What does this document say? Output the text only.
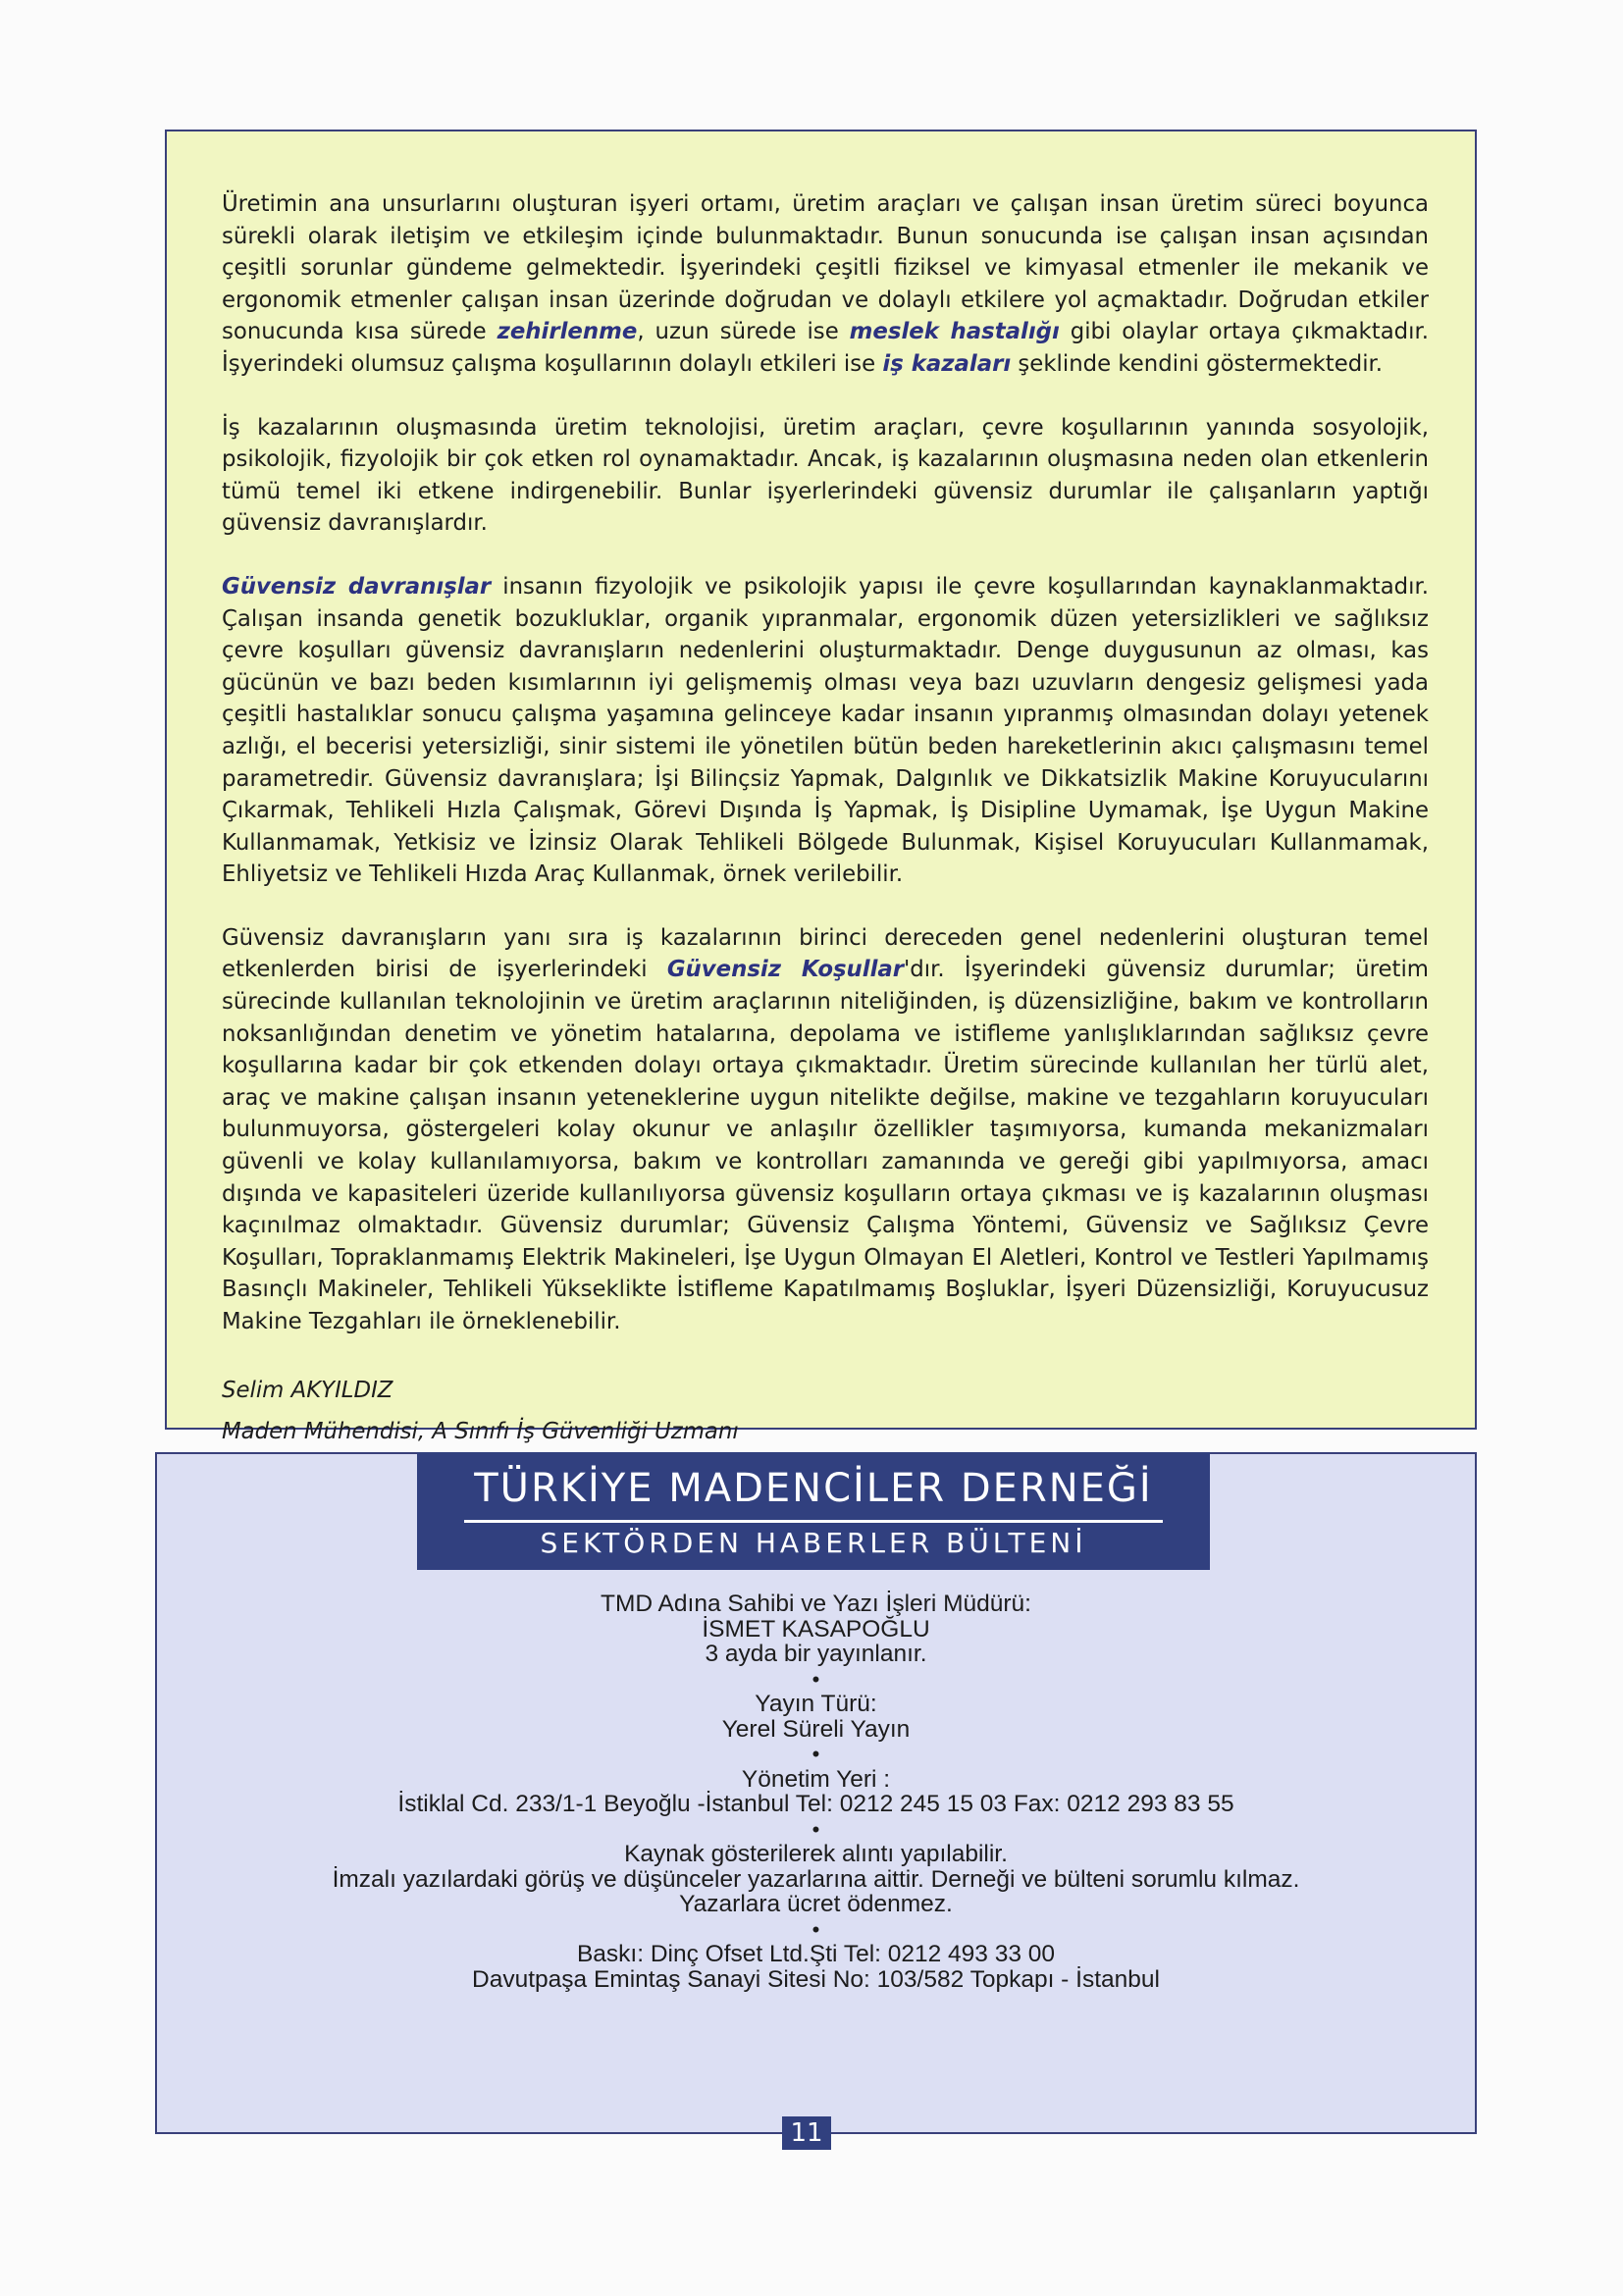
Üretimin ana unsurlarını oluşturan işyeri ortamı, üretim araçları ve çalışan insan üretim süreci boyunca sürekli olarak iletişim ve etkileşim içinde bulunmaktadır. Bunun sonucunda ise çalışan insan açısından çeşitli sorunlar gündeme gelmektedir. İşyerindeki çeşitli fiziksel ve kimyasal etmenler ile mekanik ve ergonomik etmenler çalışan insan üzerinde doğrudan ve dolaylı etkilere yol açmaktadır. Doğrudan etkiler sonucunda kısa sürede zehirlenme, uzun sürede ise meslek hastalığı gibi olaylar ortaya çıkmaktadır. İşyerindeki olumsuz çalışma koşullarının dolaylı etkileri ise iş kazaları şeklinde kendini göstermektedir.

İş kazalarının oluşmasında üretim teknolojisi, üretim araçları, çevre koşullarının yanında sosyolojik, psikolojik, fizyolojik bir çok etken rol oynamaktadır. Ancak, iş kazalarının oluşmasına neden olan etkenlerin tümü temel iki etkene indirgenebilir. Bunlar işyerlerindeki güvensiz durumlar ile çalışanların yaptığı güvensiz davranışlardır.

Güvensiz davranışlar insanın fizyolojik ve psikolojik yapısı ile çevre koşullarından kaynaklanmaktadır. Çalışan insanda genetik bozukluklar, organik yıpranmalar, ergonomik düzen yetersizlikleri ve sağlıksız çevre koşulları güvensiz davranışların nedenlerini oluşturmaktadır. Denge duygusunun az olması, kas gücünün ve bazı beden kısımlarının iyi gelişmemiş olması veya bazı uzuvların dengesiz gelişmesi yada çeşitli hastalıklar sonucu çalışma yaşamına gelinceye kadar insanın yıpranmış olmasından dolayı yetenek azlığı, el becerisi yetersizliği, sinir sistemi ile yönetilen bütün beden hareketlerinin akıcı çalışmasını temel parametredir. Güvensiz davranışlara; İşi Bilinçsiz Yapmak, Dalgınlık ve Dikkatsizlik Makine Koruyucularını Çıkarmak, Tehlikeli Hızla Çalışmak, Görevi Dışında İş Yapmak, İş Disipline Uymamak, İşe Uygun Makine Kullanmamak, Yetkisiz ve İzinsiz Olarak Tehlikeli Bölgede Bulunmak, Kişisel Koruyucuları Kullanmamak, Ehliyetsiz ve Tehlikeli Hızda Araç Kullanmak, örnek verilebilir.

Güvensiz davranışların yanı sıra iş kazalarının birinci dereceden genel nedenlerini oluşturan temel etkenlerden birisi de işyerlerindeki Güvensiz Koşullar'dır. İşyerindeki güvensiz durumlar; üretim sürecinde kullanılan teknolojinin ve üretim araçlarının niteliğinden, iş düzensizliğine, bakım ve kontrolların noksanlığından denetim ve yönetim hatalarına, depolama ve istifleme yanlışlıklarından sağlıksız çevre koşullarına kadar bir çok etkenden dolayı ortaya çıkmaktadır. Üretim sürecinde kullanılan her türlü alet, araç ve makine çalışan insanın yeteneklerine uygun nitelikte değilse, makine ve tezgahların koruyucuları bulunmuyorsa, göstergeleri kolay okunur ve anlaşılır özellikler taşımıyorsa, kumanda mekanizmaları güvenli ve kolay kullanılamıyorsa, bakım ve kontrolları zamanında ve gereği gibi yapılmıyorsa, amacı dışında ve kapasiteleri üzeride kullanılıyorsa güvensiz koşulların ortaya çıkması ve iş kazalarının oluşması kaçınılmaz olmaktadır. Güvensiz durumlar; Güvensiz Çalışma Yöntemi, Güvensiz ve Sağlıksız Çevre Koşulları, Topraklanmamış Elektrik Makineleri, İşe Uygun Olmayan El Aletleri, Kontrol ve Testleri Yapılmamış Basınçlı Makineler, Tehlikeli Yükseklikte İstifleme Kapatılmamış Boşluklar, İşyeri Düzensizliği, Koruyucusuz Makine Tezgahları ile örneklenebilir.

Selim AKYILDIZ
Maden Mühendisi, A Sınıfı İş Güvenliği Uzmanı
TÜRKİYE MADENCİLER DERNEĞİ
SEKTÖRDEN HABERLER BÜLTENİ
TMD Adına Sahibi ve Yazı İşleri Müdürü:
İSMET KASAPOĞLU
3 ayda bir yayınlanır.
•
Yayın Türü:
Yerel Süreli Yayın
•
Yönetim Yeri :
İstiklal Cd. 233/1-1 Beyoğlu -İstanbul Tel: 0212 245 15 03 Fax: 0212 293 83 55
•
Kaynak gösterilerek alıntı yapılabilir.
İmzalı yazılardaki görüş ve düşünceler yazarlarına aittir. Derneği ve bülteni sorumlu kılmaz.
Yazarlara ücret ödenmez.
•
Baskı: Dinç Ofset Ltd.Şti Tel: 0212 493 33 00
Davutpaşa Emintaş Sanayi Sitesi No: 103/582 Topkapı - İstanbul
11
